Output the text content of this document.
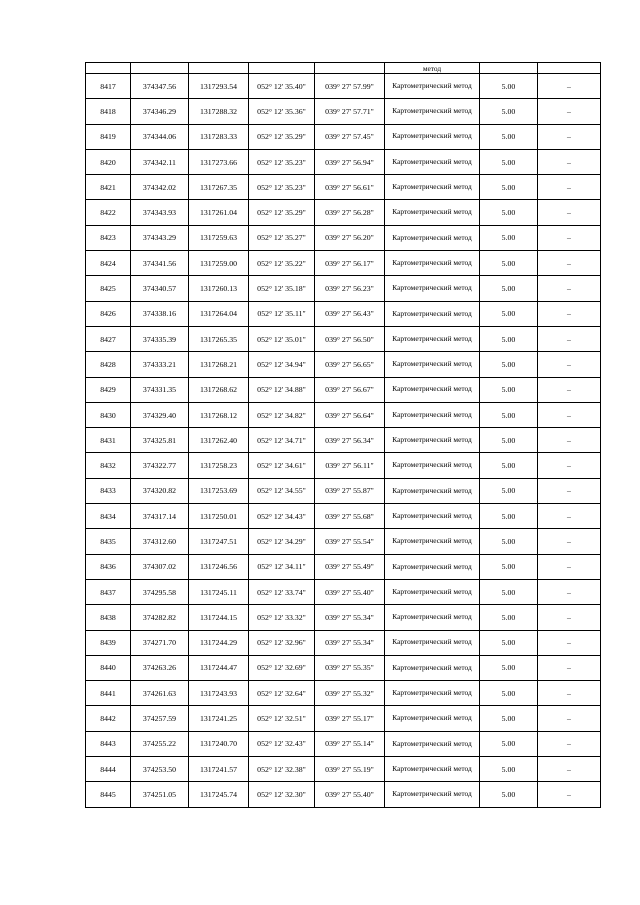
					метод		
8417	374347.56	1317293.54	052° 12' 35.40"	039° 27' 57.99"	Картометрический метод	5.00	–
8418	374346.29	1317288.32	052° 12' 35.36"	039° 27' 57.71"	Картометрический метод	5.00	–
8419	374344.06	1317283.33	052° 12' 35.29"	039° 27' 57.45"	Картометрический метод	5.00	–
8420	374342.11	1317273.66	052° 12' 35.23"	039° 27' 56.94"	Картометрический метод	5.00	–
8421	374342.02	1317267.35	052° 12' 35.23"	039° 27' 56.61"	Картометрический метод	5.00	–
8422	374343.93	1317261.04	052° 12' 35.29"	039° 27' 56.28"	Картометрический метод	5.00	–
8423	374343.29	1317259.63	052° 12' 35.27"	039° 27' 56.20"	Картометрический метод	5.00	–
8424	374341.56	1317259.00	052° 12' 35.22"	039° 27' 56.17"	Картометрический метод	5.00	–
8425	374340.57	1317260.13	052° 12' 35.18"	039° 27' 56.23"	Картометрический метод	5.00	–
8426	374338.16	1317264.04	052° 12' 35.11"	039° 27' 56.43"	Картометрический метод	5.00	–
8427	374335.39	1317265.35	052° 12' 35.01"	039° 27' 56.50"	Картометрический метод	5.00	–
8428	374333.21	1317268.21	052° 12' 34.94"	039° 27' 56.65"	Картометрический метод	5.00	–
8429	374331.35	1317268.62	052° 12' 34.88"	039° 27' 56.67"	Картометрический метод	5.00	–
8430	374329.40	1317268.12	052° 12' 34.82"	039° 27' 56.64"	Картометрический метод	5.00	–
8431	374325.81	1317262.40	052° 12' 34.71"	039° 27' 56.34"	Картометрический метод	5.00	–
8432	374322.77	1317258.23	052° 12' 34.61"	039° 27' 56.11"	Картометрический метод	5.00	–
8433	374320.82	1317253.69	052° 12' 34.55"	039° 27' 55.87"	Картометрический метод	5.00	–
8434	374317.14	1317250.01	052° 12' 34.43"	039° 27' 55.68"	Картометрический метод	5.00	–
8435	374312.60	1317247.51	052° 12' 34.29"	039° 27' 55.54"	Картометрический метод	5.00	–
8436	374307.02	1317246.56	052° 12' 34.11"	039° 27' 55.49"	Картометрический метод	5.00	–
8437	374295.58	1317245.11	052° 12' 33.74"	039° 27' 55.40"	Картометрический метод	5.00	–
8438	374282.82	1317244.15	052° 12' 33.32"	039° 27' 55.34"	Картометрический метод	5.00	–
8439	374271.70	1317244.29	052° 12' 32.96"	039° 27' 55.34"	Картометрический метод	5.00	–
8440	374263.26	1317244.47	052° 12' 32.69"	039° 27' 55.35"	Картометрический метод	5.00	–
8441	374261.63	1317243.93	052° 12' 32.64"	039° 27' 55.32"	Картометрический метод	5.00	–
8442	374257.59	1317241.25	052° 12' 32.51"	039° 27' 55.17"	Картометрический метод	5.00	–
8443	374255.22	1317240.70	052° 12' 32.43"	039° 27' 55.14"	Картометрический метод	5.00	–
8444	374253.50	1317241.57	052° 12' 32.38"	039° 27' 55.19"	Картометрический метод	5.00	–
8445	374251.05	1317245.74	052° 12' 32.30"	039° 27' 55.40"	Картометрический метод	5.00	–
